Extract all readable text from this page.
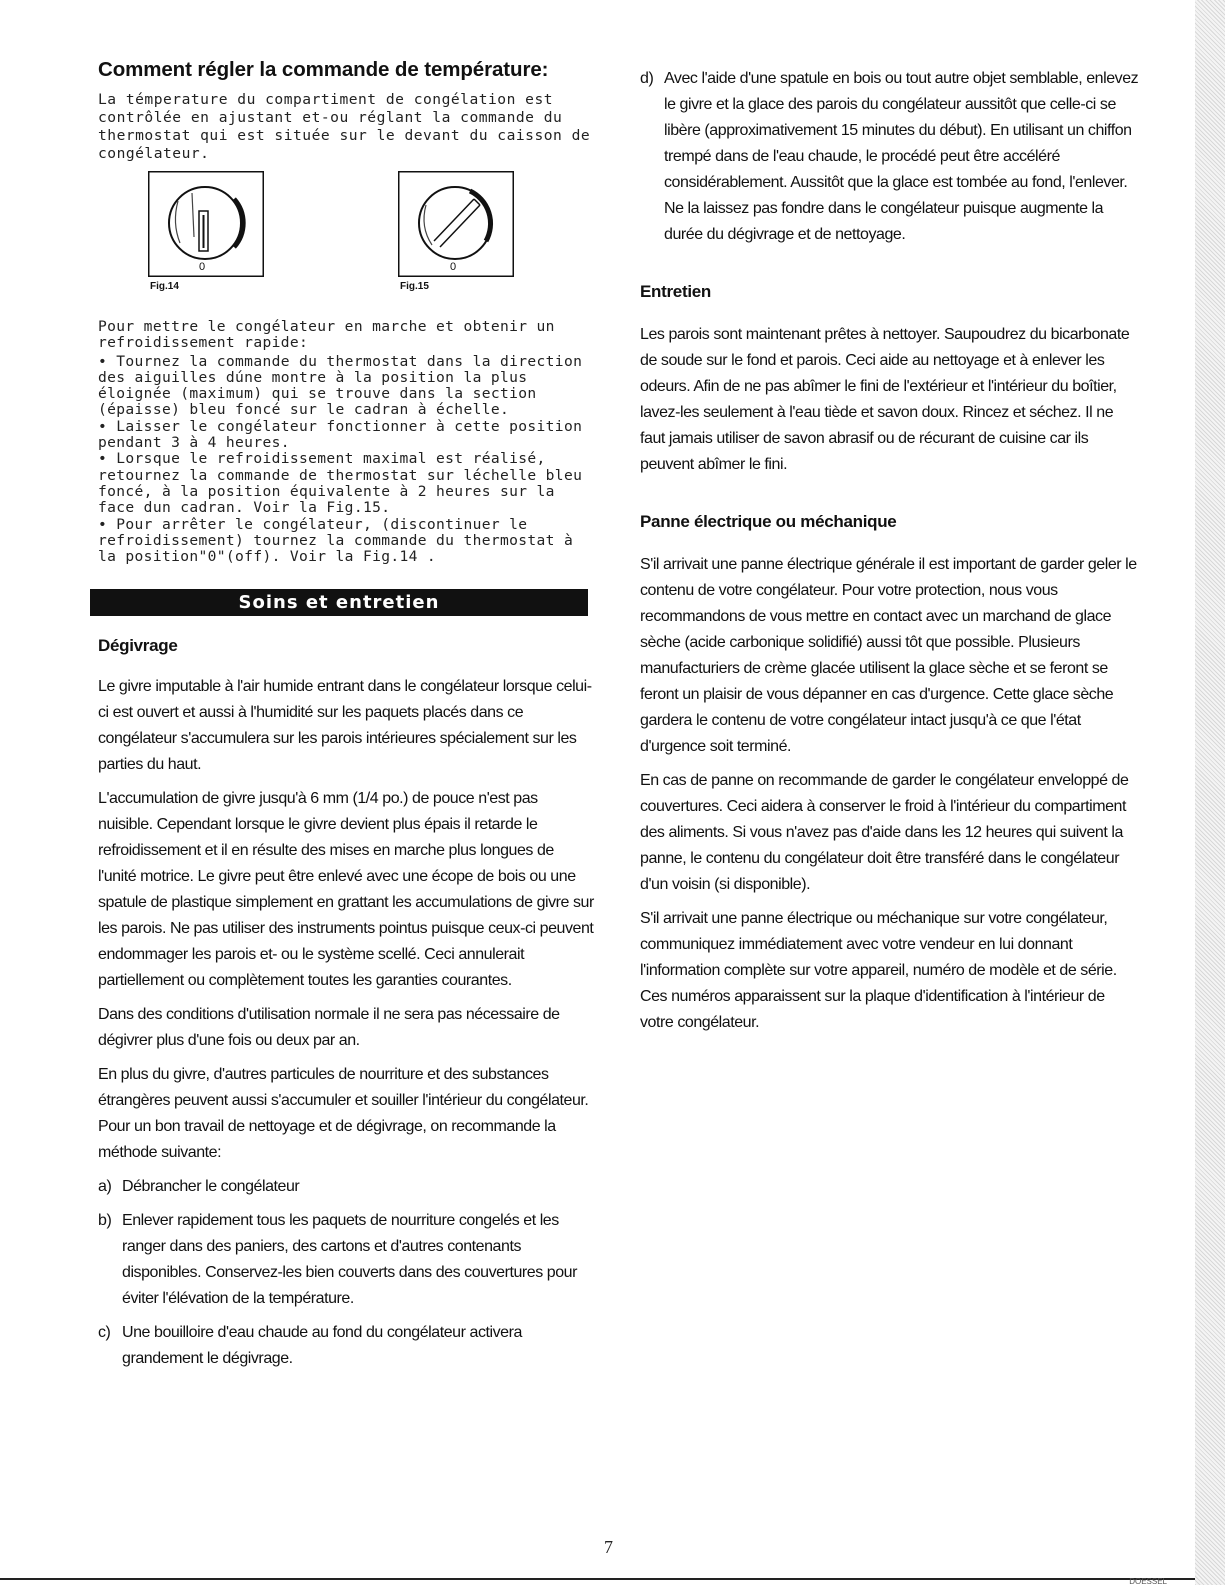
DOESSEL
Comment régler la commande de température:

La témperature du compartiment de congélation est contrôlée en ajustant et-ou réglant la commande du thermostat qui est située sur le devant du caisson de congélateur.

0
Fig.14
0
Fig.15

Pour mettre le congélateur en marche et obtenir un refroidissement rapide:

• Tournez la commande du thermostat dans la direction des aiguilles dúne montre à la position la plus éloignée (maximum) qui se trouve dans la section (épaisse) bleu foncé sur le cadran à échelle.
• Laisser le congélateur fonctionner à cette position pendant 3 à 4 heures.
• Lorsque le refroidissement maximal est réalisé, retournez la commande de thermostat sur léchelle bleu foncé, à la position équivalente à 2 heures sur la face dun cadran. Voir la Fig.15.
• Pour arrêter le congélateur, (discontinuer le refroidissement) tournez la commande du thermostat à la position"0"(off). Voir la Fig.14 .
Soins et entretien
Dégivrage

Le givre imputable à l'air humide entrant dans le congélateur lorsque celui-ci est ouvert et aussi à l'humidité sur les paquets placés dans ce congélateur s'accumulera sur les parois intérieures spécialement sur les parties du haut.

L'accumulation de givre jusqu'à 6 mm (1/4 po.) de pouce n'est pas nuisible. Cependant lorsque le givre devient plus épais il retarde le refroidissement et il en résulte des mises en marche plus longues de l'unité motrice. Le givre peut être enlevé avec une écope de bois ou une spatule de plastique simplement en grattant les accumulations de givre sur les parois. Ne pas utiliser des instruments pointus puisque ceux-ci peuvent endommager les parois et- ou le système scellé. Ceci annulerait partiellement ou complètement toutes les garanties courantes.

Dans des conditions d'utilisation normale il ne sera pas nécessaire de dégivrer plus d'une fois ou deux par an.

En plus du givre, d'autres particules de nourriture et des substances étrangères peuvent aussi s'accumuler et souiller l'intérieur du congélateur. Pour un bon travail de nettoyage et de dégivrage, on recommande la méthode suivante:

a) Débrancher le congélateur
b) Enlever rapidement tous les paquets de nourriture congelés et les ranger dans des paniers, des cartons et d'autres contenants disponibles. Conservez-les bien couverts dans des couvertures pour éviter l'élévation de la température.
c) Une bouilloire d'eau chaude au fond du congélateur activera grandement le dégivrage.
d) Avec l'aide d'une spatule en bois ou tout autre objet semblable, enlevez le givre et la glace des parois du congélateur aussitôt que celle-ci se libère (approximativement 15 minutes du début). En utilisant un chiffon trempé dans de l'eau chaude, le procédé peut être accéléré considérablement. Aussitôt que la glace est tombée au fond, l'enlever. Ne la laissez pas fondre dans le congélateur puisque augmente la durée du dégivrage et de nettoyage.
Entretien

Les parois sont maintenant prêtes à nettoyer. Saupoudrez du bicarbonate de soude sur le fond et parois. Ceci aide au nettoyage et à enlever les odeurs. Afin de ne pas abîmer le fini de l'extérieur et l'intérieur du boîtier, lavez-les seulement à l'eau tiède et savon doux. Rincez et séchez. Il ne faut jamais utiliser de savon abrasif ou de récurant de cuisine car ils peuvent abîmer le fini.

Panne électrique ou méchanique

S'il arrivait une panne électrique générale il est important de garder geler le contenu de votre congélateur. Pour votre protection, nous vous recommandons de vous mettre en contact avec un marchand de glace sèche (acide carbonique solidifié) aussi tôt que possible. Plusieurs manufacturiers de crème glacée utilisent la glace sèche et se feront se feront un plaisir de vous dépanner en cas d'urgence. Cette glace sèche gardera le contenu de votre congélateur intact jusqu'à ce que l'état d'urgence soit terminé.

En cas de panne on recommande de garder le congélateur enveloppé de couvertures. Ceci aidera à conserver le froid à l'intérieur du compartiment des aliments. Si vous n'avez pas d'aide dans les 12 heures qui suivent la panne, le contenu du congélateur doit être transféré dans le congélateur d'un voisin (si disponible).

S'il arrivait une panne électrique ou méchanique sur votre congélateur, communiquez immédiatement avec votre vendeur en lui donnant l'information complète sur votre appareil, numéro de modèle et de série. Ces numéros apparaissent sur la plaque d'identification à l'intérieur de votre congélateur.

7
